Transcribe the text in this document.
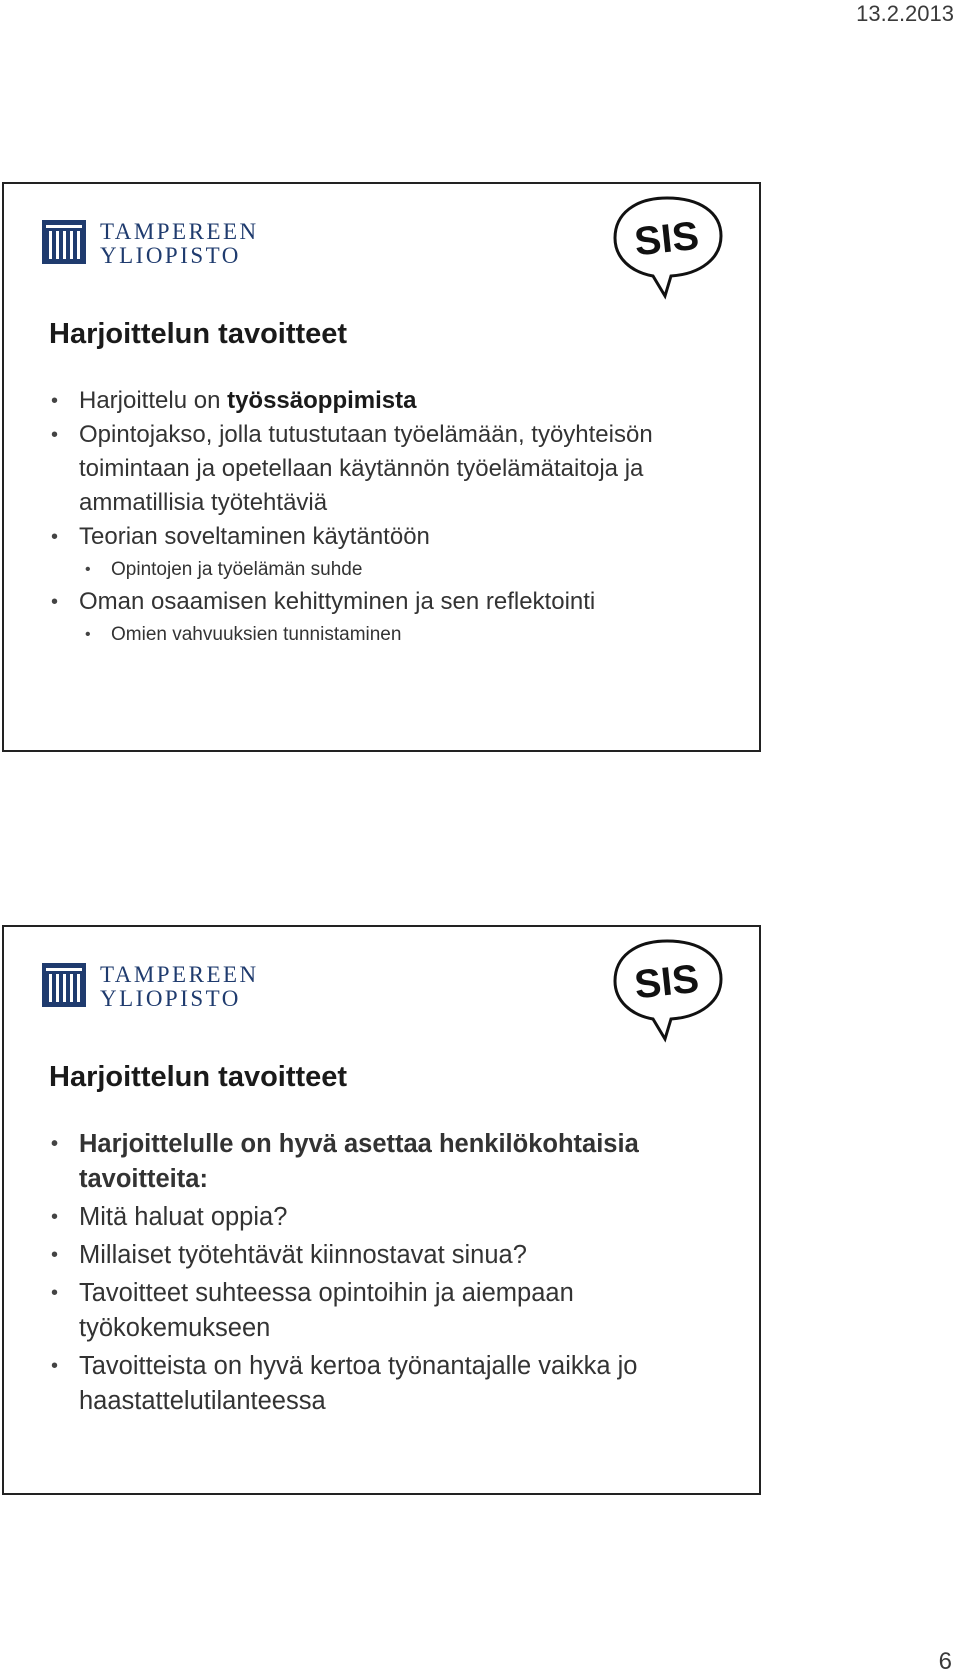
13.2.2013
TAMPEREEN
YLIOPISTO	SIS
Harjoittelun tavoitteet
• Harjoittelu on työssäoppimista
• Opintojakso, jolla tutustutaan työelämään, työyhteisön toimintaan ja opetellaan käytännön työelämätaitoja ja ammatillisia työtehtäviä
• Teorian soveltaminen käytäntöön
• Opintojen ja työelämän suhde
• Oman osaamisen kehittyminen ja sen reflektointi
• Omien vahvuuksien tunnistaminen
TAMPEREEN
YLIOPISTO	SIS
Harjoittelun tavoitteet
• Harjoittelulle on hyvä asettaa henkilökohtaisia tavoitteita:
• Mitä haluat oppia?
• Millaiset työtehtävät kiinnostavat sinua?
• Tavoitteet suhteessa opintoihin ja aiempaan työkokemukseen
• Tavoitteista on hyvä kertoa työnantajalle vaikka jo haastattelutilanteessa
6
